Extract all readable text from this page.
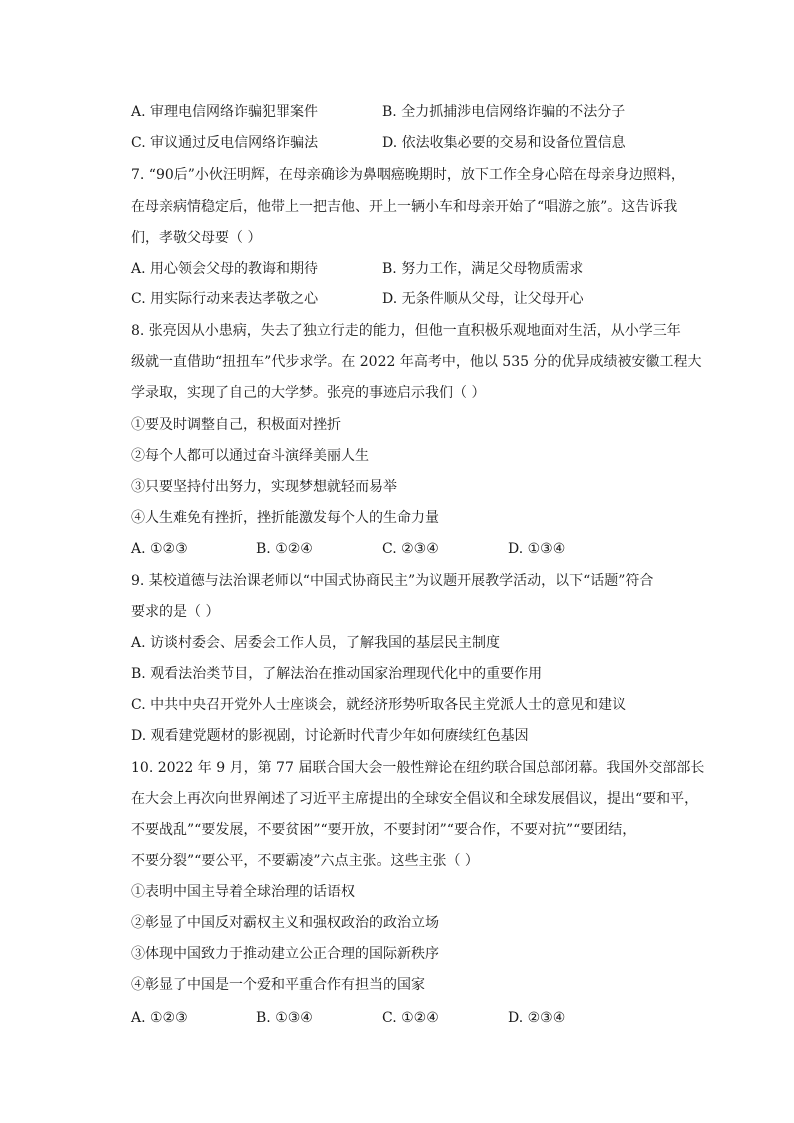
A. 审理电信网络诈骗犯罪案件	B. 全力抓捕涉电信网络诈骗的不法分子
C. 审议通过反电信网络诈骗法	D. 依法收集必要的交易和设备位置信息
7. “90后”小伙汪明辉，在母亲确诊为鼻咽癌晚期时，放下工作全身心陪在母亲身边照料，
在母亲病情稳定后，他带上一把吉他、开上一辆小车和母亲开始了“唱游之旅”。这告诉我
们，孝敬父母要（ ）
A. 用心领会父母的教诲和期待	B. 努力工作，满足父母物质需求
C. 用实际行动来表达孝敬之心	D. 无条件顺从父母，让父母开心
8. 张亮因从小患病，失去了独立行走的能力，但他一直积极乐观地面对生活，从小学三年
级就一直借助“扭扭车”代步求学。在 2022 年高考中，他以 535 分的优异成绩被安徽工程大
学录取，实现了自己的大学梦。张亮的事迹启示我们（ ）
①要及时调整自己，积极面对挫折
②每个人都可以通过奋斗演绎美丽人生
③只要坚持付出努力，实现梦想就轻而易举
④人生难免有挫折，挫折能激发每个人的生命力量
A. ①②③	B. ①②④	C. ②③④	D. ①③④
9. 某校道德与法治课老师以“中国式协商民主”为议题开展教学活动，以下“话题”符合
要求的是（ ）
A. 访谈村委会、居委会工作人员，了解我国的基层民主制度
B. 观看法治类节目，了解法治在推动国家治理现代化中的重要作用
C. 中共中央召开党外人士座谈会，就经济形势听取各民主党派人士的意见和建议
D. 观看建党题材的影视剧，讨论新时代青少年如何赓续红色基因
10. 2022 年 9 月，第 77 届联合国大会一般性辩论在纽约联合国总部闭幕。我国外交部部长
在大会上再次向世界阐述了习近平主席提出的全球安全倡议和全球发展倡议，提出“要和平，
不要战乱”“要发展，不要贫困”“要开放，不要封闭”“要合作，不要对抗”“要团结，
不要分裂”“要公平，不要霸凌”六点主张。这些主张（ ）
①表明中国主导着全球治理的话语权
②彰显了中国反对霸权主义和强权政治的政治立场
③体现中国致力于推动建立公正合理的国际新秩序
④彰显了中国是一个爱和平重合作有担当的国家
A. ①②③	B. ①③④	C. ①②④	D. ②③④
